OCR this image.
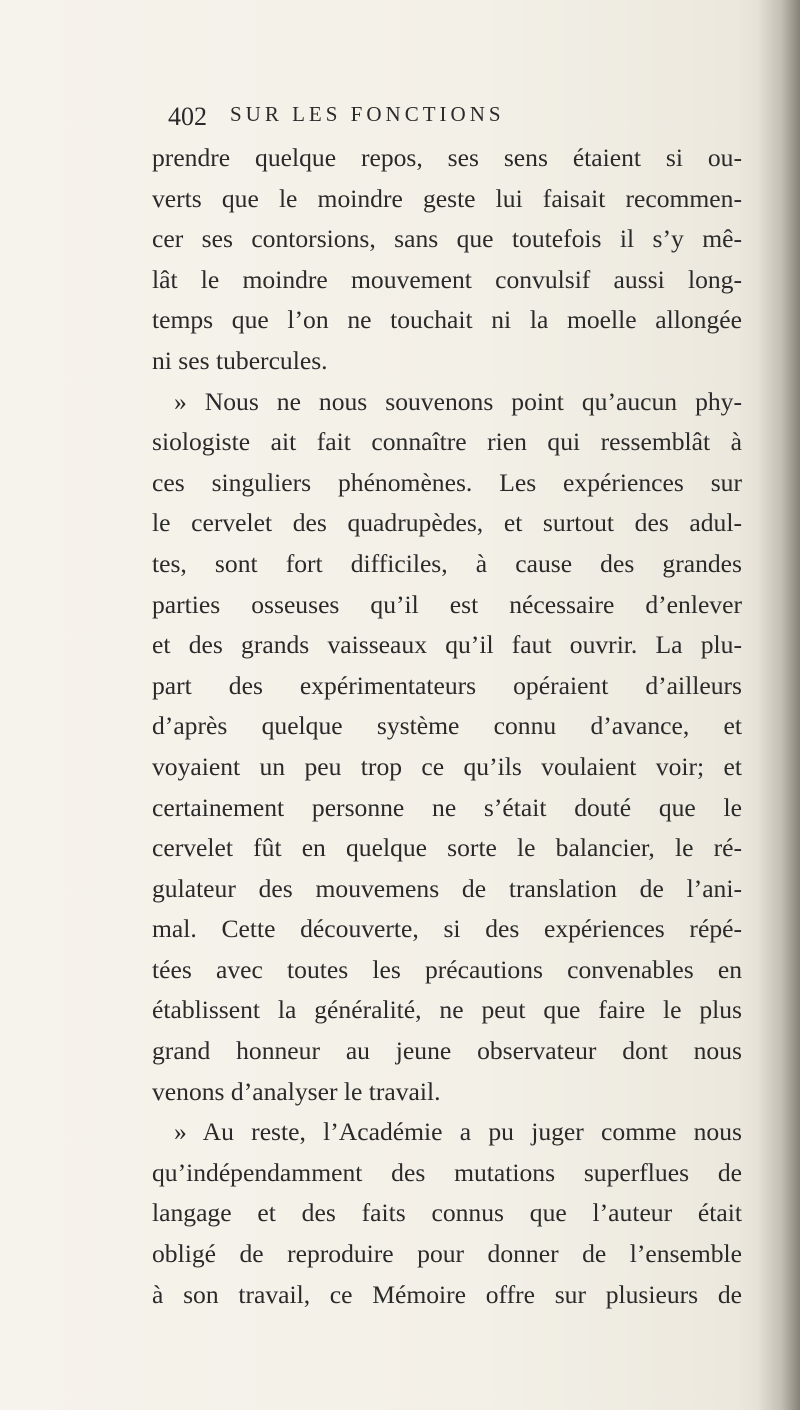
402 SUR LES FONCTIONS
prendre quelque repos, ses sens étaient si ou-
verts que le moindre geste lui faisait recommen-
cer ses contorsions, sans que toutefois il s’y mê-
lât le moindre mouvement convulsif aussi long-
temps que l’on ne touchait ni la moelle allongée
ni ses tubercules.
» Nous ne nous souvenons point qu’aucun phy-
siologiste ait fait connaître rien qui ressemblât à
ces singuliers phénomènes. Les expériences sur
le cervelet des quadrupèdes, et surtout des adul-
tes, sont fort difficiles, à cause des grandes
parties osseuses qu’il est nécessaire d’enlever
et des grands vaisseaux qu’il faut ouvrir. La plu-
part des expérimentateurs opéraient d’ailleurs
d’après quelque système connu d’avance, et
voyaient un peu trop ce qu’ils voulaient voir; et
certainement personne ne s’était douté que le
cervelet fût en quelque sorte le balancier, le ré-
gulateur des mouvemens de translation de l’ani-
mal. Cette découverte, si des expériences répé-
tées avec toutes les précautions convenables en
établissent la généralité, ne peut que faire le plus
grand honneur au jeune observateur dont nous
venons d’analyser le travail.
» Au reste, l’Académie a pu juger comme nous
qu’indépendamment des mutations superflues de
langage et des faits connus que l’auteur était
obligé de reproduire pour donner de l’ensemble
à son travail, ce Mémoire offre sur plusieurs de
